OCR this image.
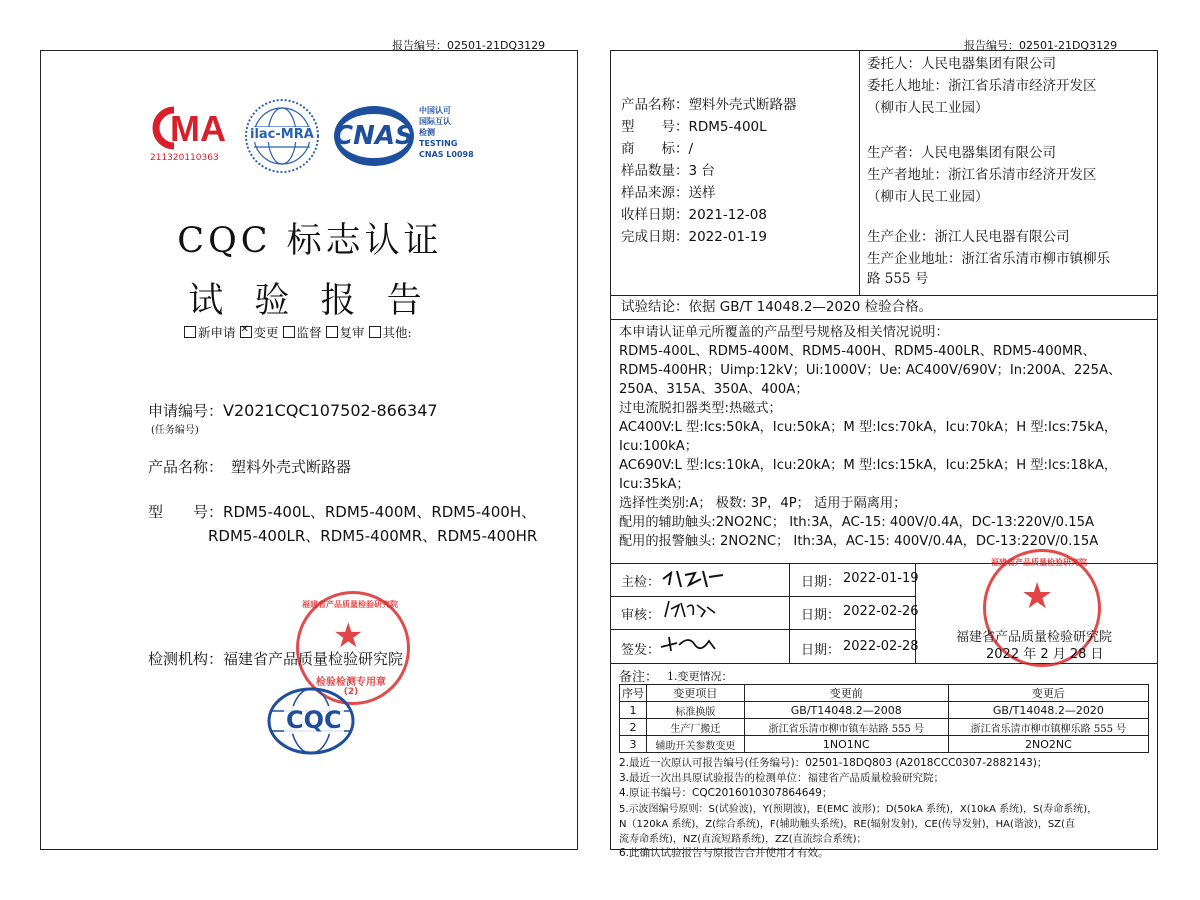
报告编号：02501-21DQ3129	报告编号：02501-21DQ3129
MA
211320110363
ilac-MRA CNAS
中国认可
国际互认
检测
TESTING
CNAS L0098
CQC 标志认证
试 验 报 告
新申请 ✕ 变更 监督 复审 其他:
申请编号：V2021CQC107502-866347
(任务编号)
产品名称： 塑料外壳式断路器
型　　号：RDM5-400L、RDM5-400M、RDM5-400H、
RDM5-400LR、RDM5-400MR、RDM5-400HR
★
福建省产品质量检验研究院
检验检测专用章
(2)
检测机构：福建省产品质量检验研究院
CQC
产品名称：塑料外壳式断路器
型　　号：RDM5-400L
商　　标：/
样品数量：3 台
样品来源：送样
收样日期：2021-12-08
完成日期：2022-01-19
委托人：人民电器集团有限公司
委托人地址：浙江省乐清市经济开发区
（柳市人民工业园）
生产者：人民电器集团有限公司
生产者地址：浙江省乐清市经济开发区
（柳市人民工业园）
生产企业：浙江人民电器有限公司
生产企业地址：浙江省乐清市柳市镇柳乐
路 555 号
试验结论：依据 GB/T 14048.2—2020 检验合格。
本申请认证单元所覆盖的产品型号规格及相关情况说明：
RDM5-400L、RDM5-400M、RDM5-400H、RDM5-400LR、RDM5-400MR、
RDM5-400HR；Uimp:12kV；Ui:1000V；Ue: AC400V/690V；In:200A、225A、
250A、315A、350A、400A；
过电流脱扣器类型:热磁式；
AC400V:L 型:Ics:50kA，Icu:50kA；M 型:Ics:70kA，Icu:70kA；H 型:Ics:75kA，
Icu:100kA；
AC690V:L 型:Ics:10kA，Icu:20kA；M 型:Ics:15kA，Icu:25kA；H 型:Ics:18kA，
Icu:35kA；
选择性类别:A； 极数: 3P，4P； 适用于隔离用；
配用的辅助触头:2NO2NC； Ith:3A，AC-15: 400V/0.4A，DC-13:220V/0.15A
配用的报警触头: 2NO2NC； Ith:3A，AC-15: 400V/0.4A，DC-13:220V/0.15A
主检：	日期： 2022-01-19
审核：	日期： 2022-02-26
签发：	日期： 2022-02-28
★
福建省产品质量检验研究院
福建省产品质量检验研究院
2022 年 2 月 28 日
备注： 1.变更情况：
序号	变更项目	变更前	变更后
1	标准换版	GB/T14048.2—2008	GB/T14048.2—2020
2	生产厂搬迁	浙江省乐清市柳市镇车站路 555 号	浙江省乐清市柳市镇柳乐路 555 号
3	辅助开关参数变更	1NO1NC	2NO2NC
2.最近一次原认可报告编号(任务编号)：02501-18DQ803 (A2018CCC0307-2882143)；
3.最近一次出具原试验报告的检测单位：福建省产品质量检验研究院；
4.原证书编号：CQC2016010307864649；
5.示波图编号原则：S(试验波)，Y(预期波)，E(EMC 波形)；D(50kA 系统)，X(10kA 系统)，S(寿命系统)，
N（120kA 系统)，Z(综合系统)，F(辅助触头系统)，RE(辐射发射)，CE(传导发射)，HA(谐波)，SZ(直
流寿命系统)，NZ(直流短路系统)，ZZ(直流综合系统)；
6.此确认试验报告与原报告合并使用才有效。
